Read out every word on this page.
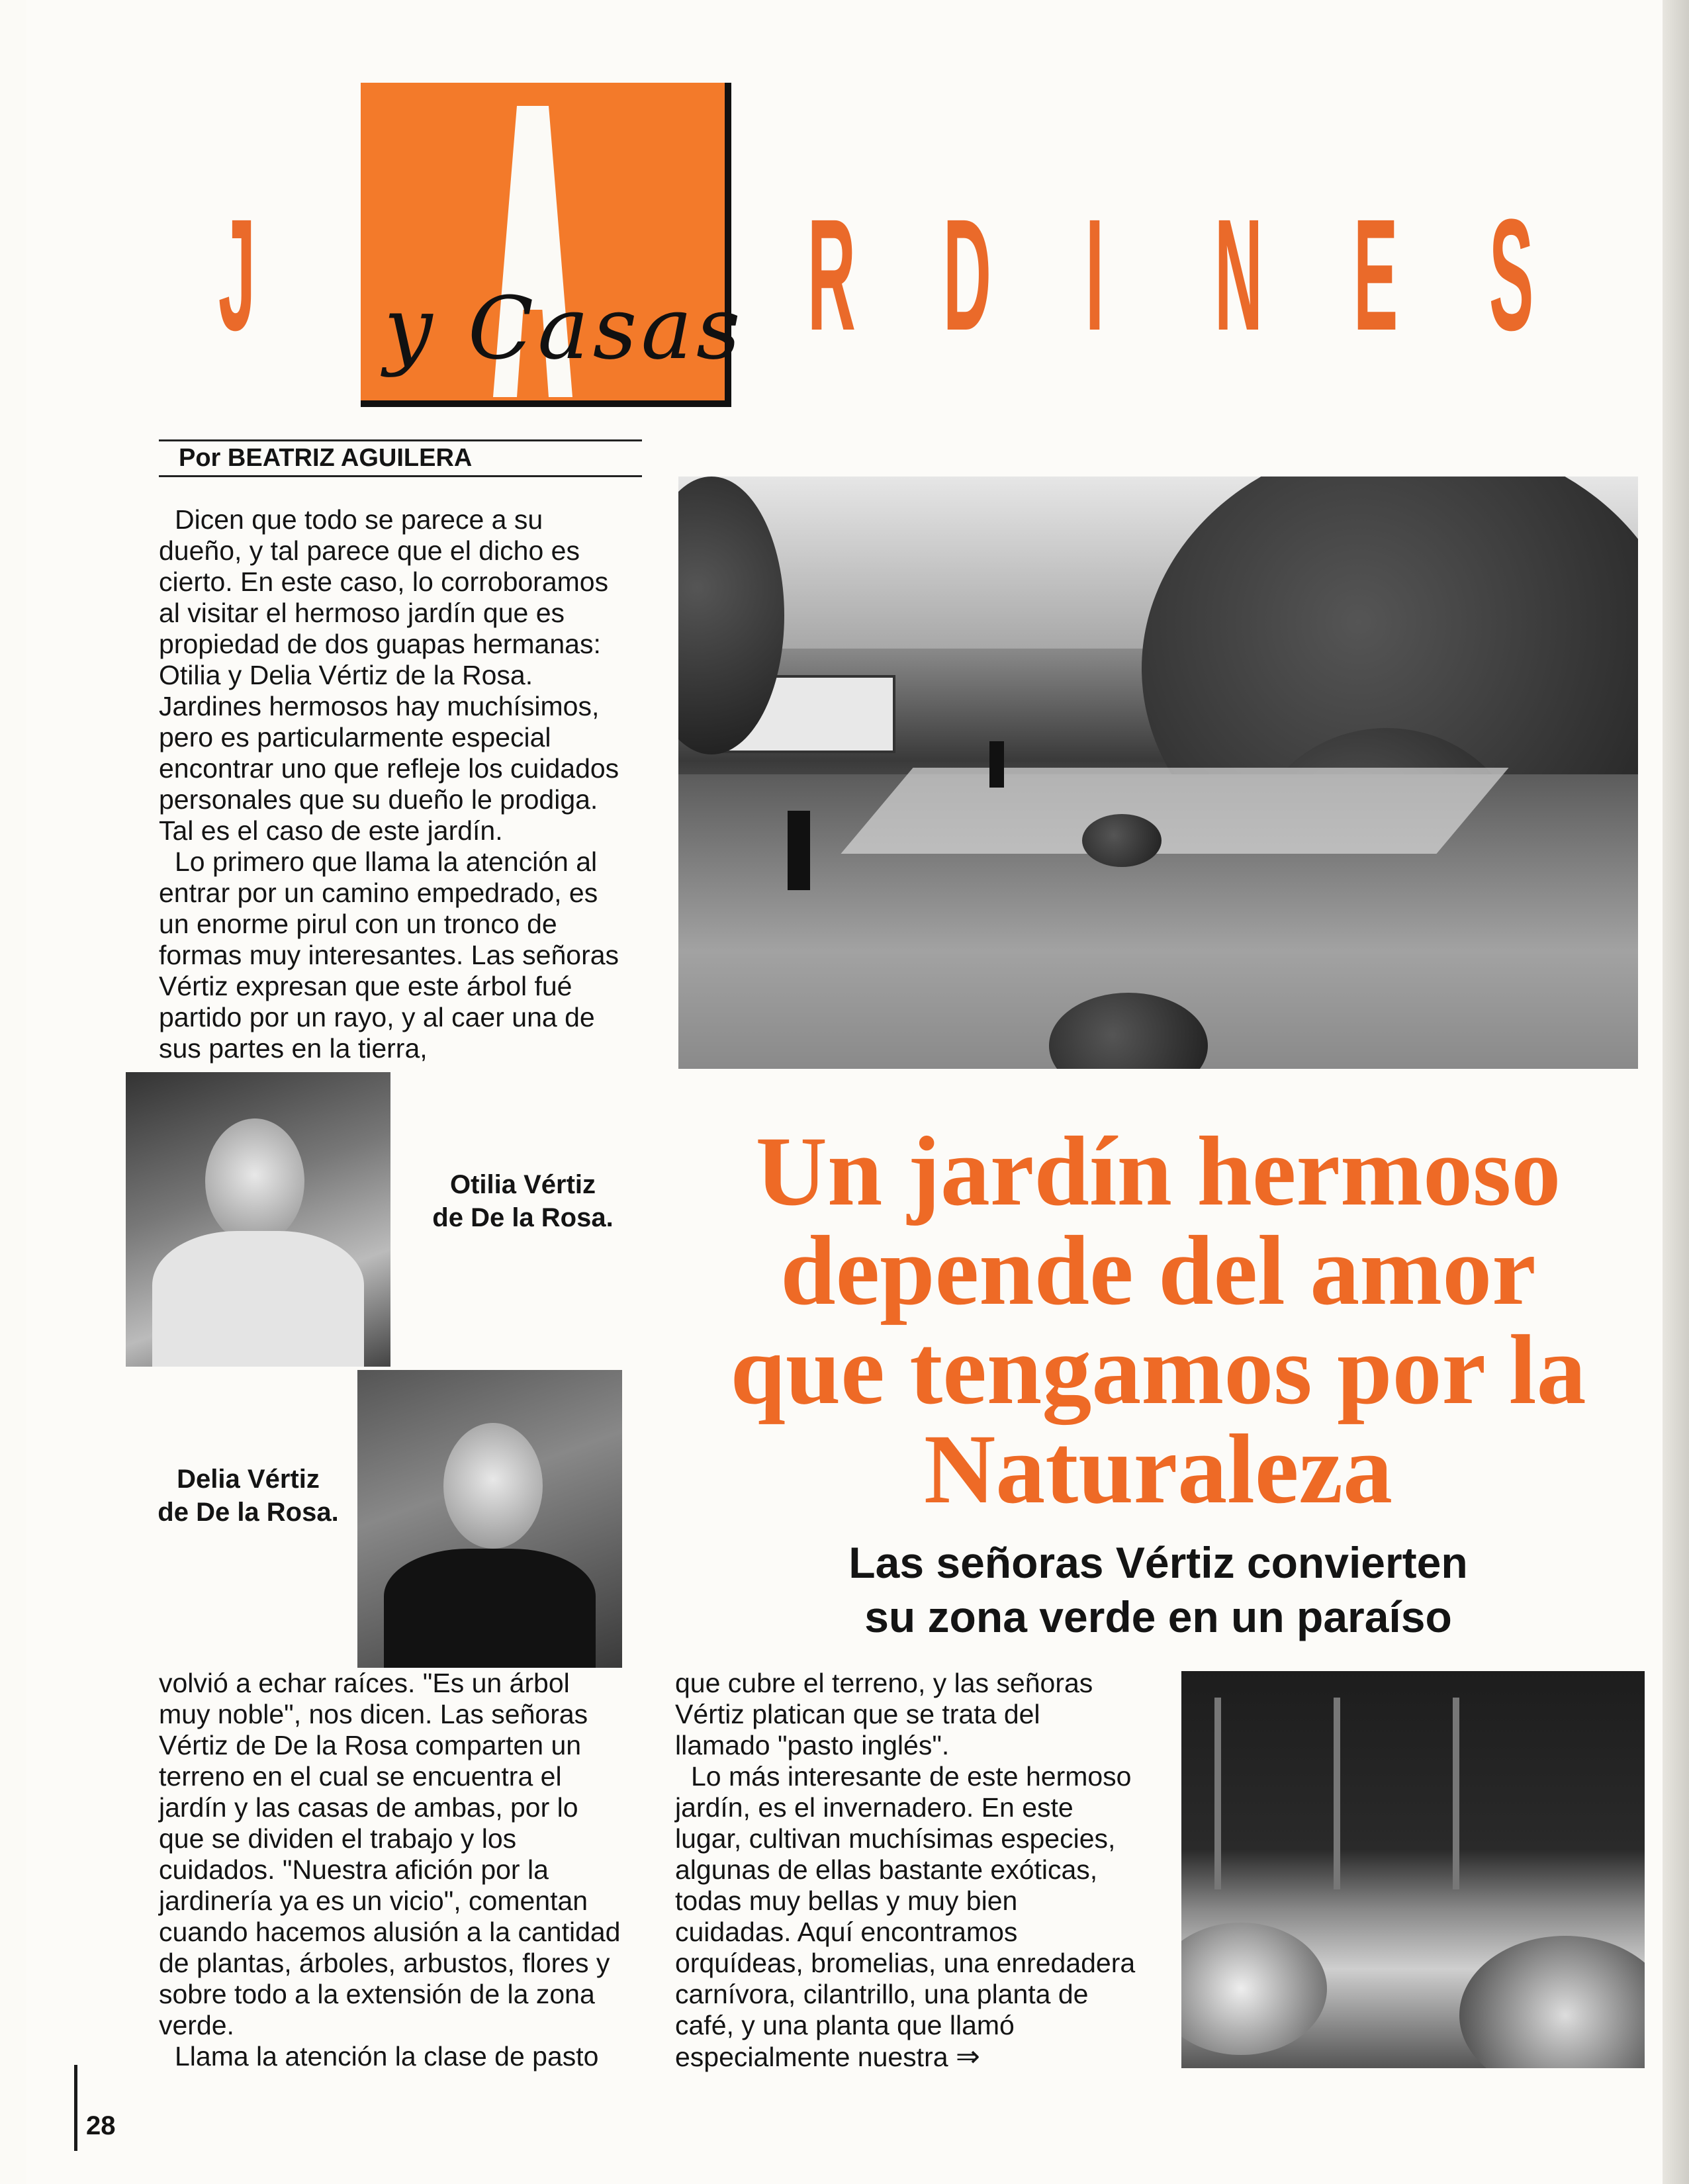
y Casas
J	R D I N E S
Por BEATRIZ AGUILERA

Dicen que todo se parece a su dueño, y tal parece que el dicho es cierto. En este caso, lo corroboramos al visitar el hermoso jardín que es propiedad de dos guapas hermanas: Otilia y Delia Vértiz de la Rosa. Jardines hermosos hay muchísimos, pero es particularmente especial encontrar uno que refleje los cuidados personales que su dueño le prodiga. Tal es el caso de este jardín.

Lo primero que llama la atención al entrar por un camino empedrado, es un enorme pirul con un tronco de formas muy interesantes. Las señoras Vértiz expresan que este árbol fué partido por un rayo, y al caer una de sus partes en la tierra,

Otilia Vértiz
de De la Rosa.
Delia Vértiz
de De la Rosa.
Un jardín hermoso
depende del amor
que tengamos por la
Naturaleza
Las señoras Vértiz convierten
su zona verde en un paraíso

volvió a echar raíces. "Es un árbol muy noble", nos dicen. Las señoras Vértiz de De la Rosa comparten un terreno en el cual se encuentra el jardín y las casas de ambas, por lo que se dividen el trabajo y los cuidados. "Nuestra afición por la jardinería ya es un vicio", comentan cuando hacemos alusión a la cantidad de plantas, árboles, arbustos, flores y sobre todo a la extensión de la zona verde.

Llama la atención la clase de pasto

que cubre el terreno, y las señoras Vértiz platican que se trata del llamado "pasto inglés".

Lo más interesante de este hermoso jardín, es el invernadero. En este lugar, cultivan muchísimas especies, algunas de ellas bastante exóticas, todas muy bellas y muy bien cuidadas. Aquí encontramos orquídeas, bromelias, una enredadera carnívora, cilantrillo, una planta de café, y una planta que llamó especialmente nuestra ⇒

28
